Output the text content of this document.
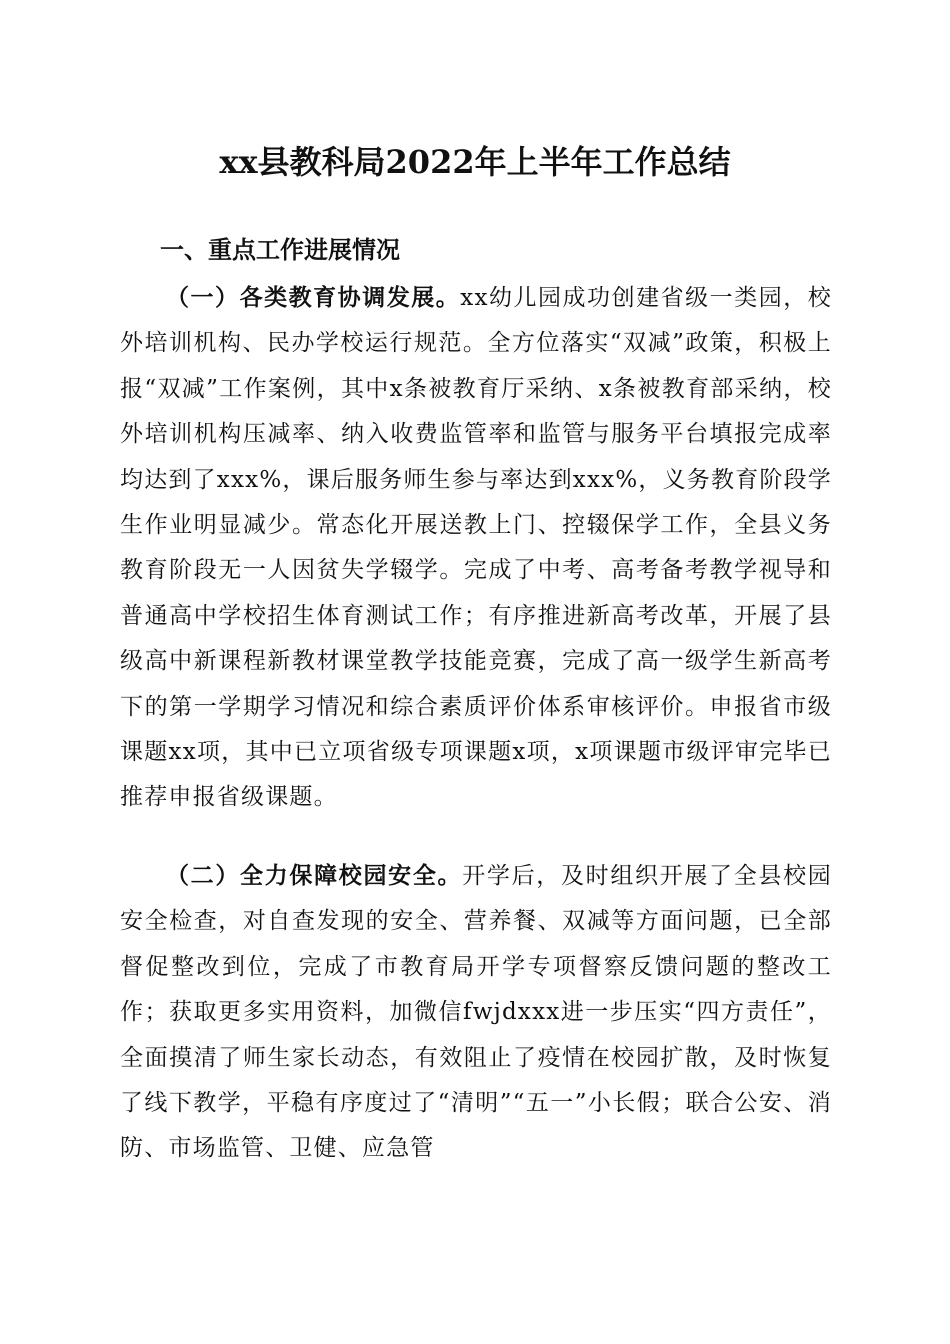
xx县教科局2022年上半年工作总结
一、重点工作进展情况

（一）各类教育协调发展。xx幼儿园成功创建省级一类园，校外培训机构、民办学校运行规范。全方位落实“双减”政策，积极上报“双减”工作案例，其中x条被教育厅采纳、x条被教育部采纳，校外培训机构压减率、纳入收费监管率和监管与服务平台填报完成率均达到了xxx%，课后服务师生参与率达到xxx%，义务教育阶段学生作业明显减少。常态化开展送教上门、控辍保学工作，全县义务教育阶段无一人因贫失学辍学。完成了中考、高考备考教学视导和普通高中学校招生体育测试工作；有序推进新高考改革，开展了县级高中新课程新教材课堂教学技能竞赛，完成了高一级学生新高考下的第一学期学习情况和综合素质评价体系审核评价。申报省市级课题xx项，其中已立项省级专项课题x项，x项课题市级评审完毕已推荐申报省级课题。

（二）全力保障校园安全。开学后，及时组织开展了全县校园安全检查，对自查发现的安全、营养餐、双减等方面问题，已全部督促整改到位，完成了市教育局开学专项督察反馈问题的整改工作；获取更多实用资料，加微信fwjdxxx进一步压实“四方责任”，全面摸清了师生家长动态，有效阻止了疫情在校园扩散，及时恢复了线下教学，平稳有序度过了“清明”“五一”小长假；联合公安、消防、市场监管、卫健、应急管
